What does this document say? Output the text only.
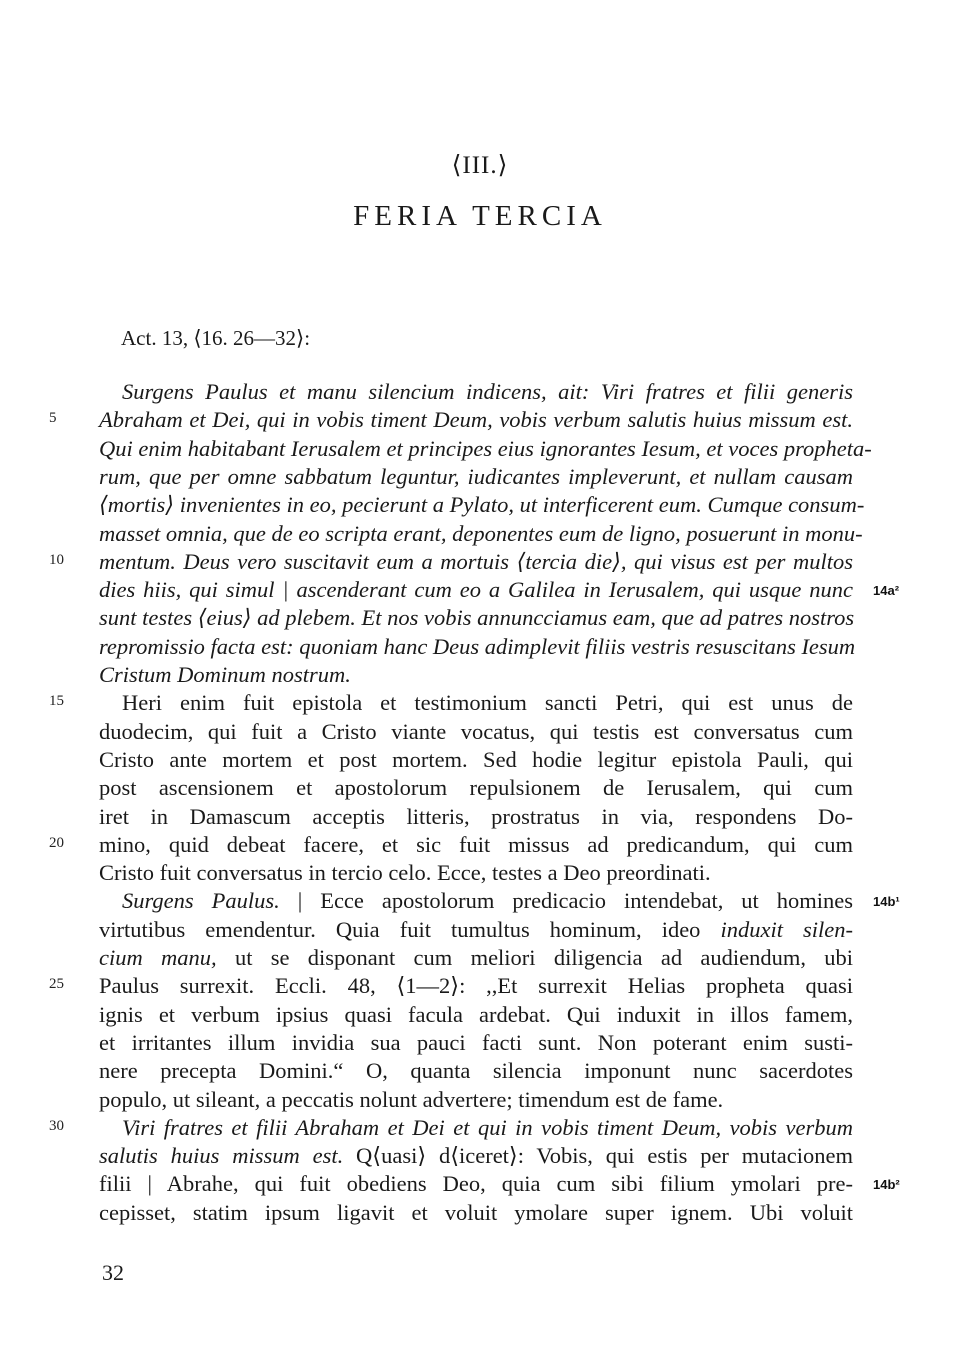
⟨III.⟩
FERIA TERCIA
Act. 13, ⟨16. 26—32⟩:
Surgens Paulus et manu silencium indicens, ait: Viri fratres et filii generis
Abraham et Dei, qui in vobis timent Deum, vobis verbum salutis huius missum est.
Qui enim habitabant Ierusalem et principes eius ignorantes Iesum, et voces propheta-
rum, que per omne sabbatum leguntur, iudicantes impleverunt, et nullam causam
⟨mortis⟩ invenientes in eo, pecierunt a Pylato, ut interficerent eum. Cumque consum-
masset omnia, que de eo scripta erant, deponentes eum de ligno, posuerunt in monu-
mentum. Deus vero suscitavit eum a mortuis ⟨tercia die⟩, qui visus est per multos
dies hiis, qui simul | ascenderant cum eo a Galilea in Ierusalem, qui usque nunc
sunt testes ⟨eius⟩ ad plebem. Et nos vobis annuncciamus eam, que ad patres nostros
repromissio facta est: quoniam hanc Deus adimplevit filiis vestris resuscitans Iesum
Cristum Dominum nostrum.
Heri enim fuit epistola et testimonium sancti Petri, qui est unus de
duodecim, qui fuit a Cristo viante vocatus, qui testis est conversatus cum
Cristo ante mortem et post mortem. Sed hodie legitur epistola Pauli, qui
post ascensionem et apostolorum repulsionem de Ierusalem, qui cum
iret in Damascum acceptis litteris, prostratus in via, respondens Do-
mino, quid debeat facere, et sic fuit missus ad predicandum, qui cum
Cristo fuit conversatus in tercio celo. Ecce, testes a Deo preordinati.
Surgens Paulus. | Ecce apostolorum predicacio intendebat, ut homines
virtutibus emendentur. Quia fuit tumultus hominum, ideo induxit silen-
cium manu, ut se disponant cum meliori diligencia ad audiendum, ubi
Paulus surrexit. Eccli. 48, ⟨1—2⟩: ,,Et surrexit Helias propheta quasi
ignis et verbum ipsius quasi facula ardebat. Qui induxit in illos famem,
et irritantes illum invidia sua pauci facti sunt. Non poterant enim susti-
nere precepta Domini.“ O, quanta silencia imponunt nunc sacerdotes
populo, ut sileant, a peccatis nolunt advertere; timendum est de fame.
Viri fratres et filii Abraham et Dei et qui in vobis timent Deum, vobis verbum
salutis huius missum est. Q⟨uasi⟩ d⟨iceret⟩: Vobis, qui estis per mutacionem
filii | Abrahe, qui fuit obediens Deo, quia cum sibi filium ymolari pre-
cepisset, statim ipsum ligavit et voluit ymolare super ignem. Ubi voluit
5
10
15
20
25
30
14a²
14b¹
14b²
32
